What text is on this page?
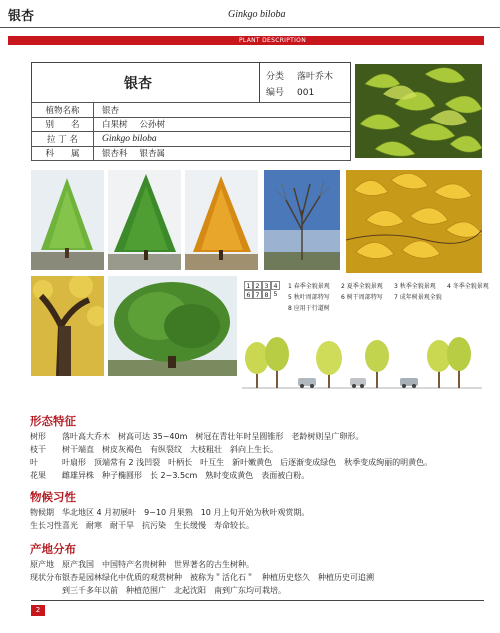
银杏	Ginkgo biloba
PLANT DESCRIPTION
银杏	分类 落叶乔木
编号 001
植物名称	银杏
别　　名	白果树 公孙树
拉 丁 名	Ginkgo biloba
科　　属	银杏科 银杏属
1 2 3 4
6 7 8 5
1 春季全貌景观 2 夏季全貌景观 3 秋季全貌景观 4 冬季全貌景观
5 秋叶周部特写 6 树干周部特写 7 成年树景观全貌
8 应用于行道树
形态特征
树形 落叶高大乔木　树高可达 35~40m　树冠在青壮年时呈圆锥形　老龄树则呈广卵形。
枝干 树干端直　树皮灰褐色　有纵裂纹　大枝粗壮　斜向上生长。
叶	叶扇形　顶端常有 2 浅凹裂　叶柄长　叶互生　新叶嫩黄色　后逐渐变成绿色　秋季变成绚丽的明黄色。
花果 雌雄异株　种子椭圆形　长 2~3.5cm　熟时变成黄色　表面被白粉。
物候习性
物候期 华北地区 4 月初展叶　9~10 月果熟　10 月上旬开始为秋叶观赏期。
生长习性喜光　耐寒　耐干旱　抗污染　生长缓慢　寿命较长。
产地分布
原产地 原产我国　中国特产名贵树种　世界著名的古生树种。
现状分布银杏是园林绿化中优质的观赏树种　被称为＂活化石＂　种植历史悠久　种植历史可追溯
到三千多年以前　种植范围广　北起沈阳　南到广东均可栽培。
2
